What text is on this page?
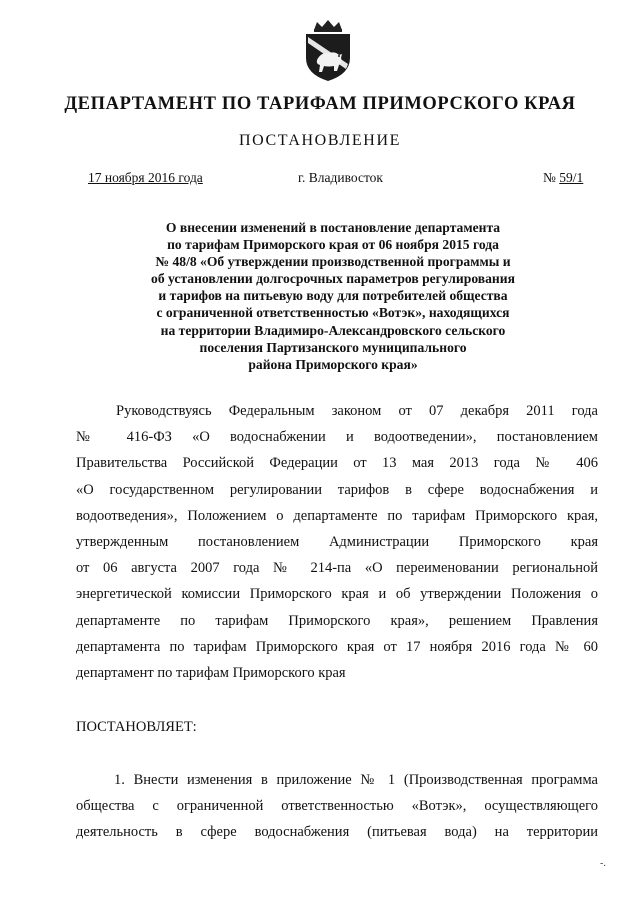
ДЕПАРТАМЕНТ ПО ТАРИФАМ ПРИМОРСКОГО КРАЯ
ПОСТАНОВЛЕНИЕ
17 ноября 2016 года	г. Владивосток	№ 59/1
О внесении изменений в постановление департамента
по тарифам Приморского края от 06 ноября 2015 года
№ 48/8 «Об утверждении производственной программы и
об установлении долгосрочных параметров регулирования
и тарифов на питьевую воду для потребителей общества
с ограниченной ответственностью «Вотэк», находящихся
на территории Владимиро-Александровского сельского
поселения Партизанского муниципального
района Приморского края»
Руководствуясь Федеральным законом от 07 декабря 2011 года
№ 416-ФЗ «О водоснабжении и водоотведении», постановлением
Правительства Российской Федерации от 13 мая 2013 года № 406
«О государственном регулировании тарифов в сфере водоснабжения и
водоотведения», Положением о департаменте по тарифам Приморского края,
утвержденным постановлением Администрации Приморского края
от 06 августа 2007 года № 214-па «О переименовании региональной
энергетической комиссии Приморского края и об утверждении Положения о
департаменте по тарифам Приморского края», решением Правления
департамента по тарифам Приморского края от 17 ноября 2016 года № 60
департамент по тарифам Приморского края
ПОСТАНОВЛЯЕТ:
1. Внести изменения в приложение № 1 (Производственная программа
общества с ограниченной ответственностью «Вотэк», осуществляющего
деятельность в сфере водоснабжения (питьевая вода) на территории
-.
